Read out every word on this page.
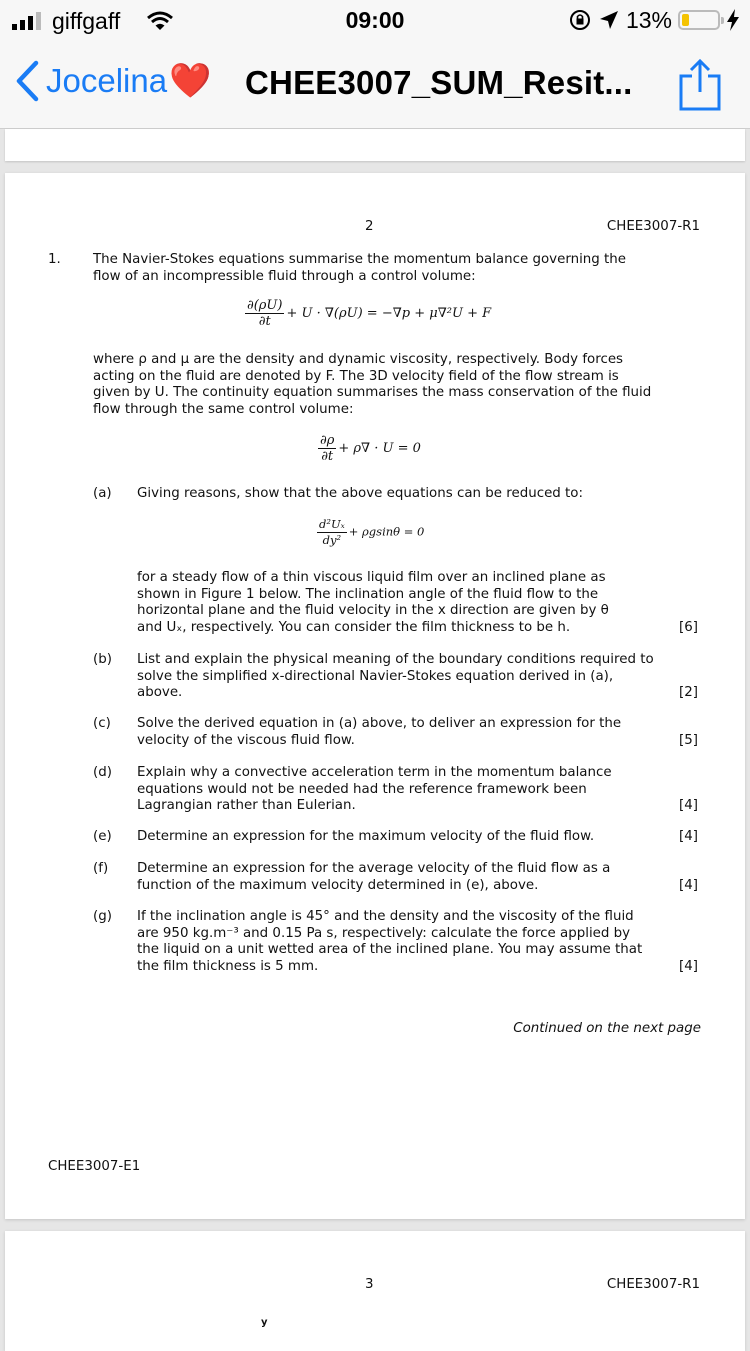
giffgaff	09:00	13%
Jocelina ❤️ CHEE3007_SUM_Resit...
2	CHEE3007-R1
1. The Navier-Stokes equations summarise the momentum balance governing the flow of an incompressible fluid through a control volume:
$\frac{\partial(\rho U)}{\partial t} + U \cdot \nabla(\rho U) = -\nabla p + \mu\nabla^2U + F$
where ρ and μ are the density and dynamic viscosity, respectively. Body forces acting on the fluid are denoted by F. The 3D velocity field of the flow stream is given by U. The continuity equation summarises the mass conservation of the fluid flow through the same control volume:
$\frac{\partial\rho}{\partial t} + \rho\nabla \cdot U = 0$
(a) Giving reasons, show that the above equations can be reduced to:
$\frac{\text{d²Uₓ}}{\text{dy²}} + \rho gsin\theta = 0$
for a steady flow of a thin viscous liquid film over an inclined plane as shown in Figure 1 below. The inclination angle of the fluid flow to the horizontal plane and the fluid velocity in the x direction are given by θ and Uₓ, respectively. You can consider the film thickness to be h.	[6]
(b) List and explain the physical meaning of the boundary conditions required to solve the simplified x-directional Navier-Stokes equation derived in (a), above.	[2]
(c) Solve the derived equation in (a) above, to deliver an expression for the velocity of the viscous fluid flow.	[5]
(d) Explain why a convective acceleration term in the momentum balance equations would not be needed had the reference framework been Lagrangian rather than Eulerian.	[4]
(e) Determine an expression for the maximum velocity of the fluid flow.	[4]
(f) Determine an expression for the average velocity of the fluid flow as a function of the maximum velocity determined in (e), above.	[4]
(g) If the inclination angle is 45° and the density and the viscosity of the fluid are 950 kg.m⁻³ and 0.15 Pa s, respectively: calculate the force applied by the liquid on a unit wetted area of the inclined plane. You may assume that the film thickness is 5 mm.	[4]
Continued on the next page
CHEE3007-E1
3	CHEE3007-R1
y
